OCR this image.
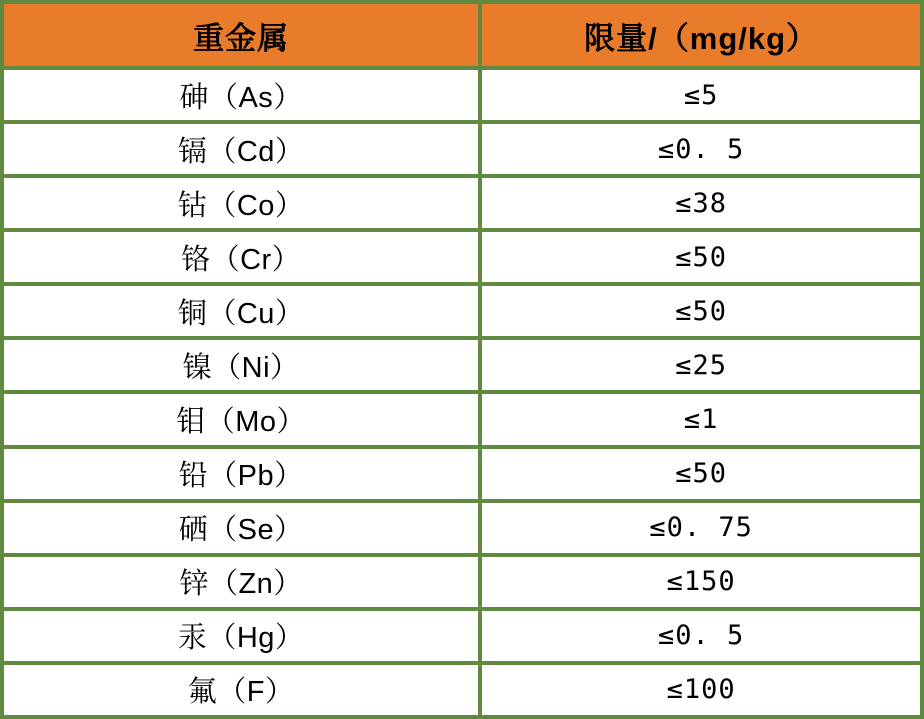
重金属	限量/（mg/kg）
砷（As）	≤5
镉（Cd）	≤0. 5
钴（Co）	≤38
铬（Cr）	≤50
铜（Cu）	≤50
镍（Ni）	≤25
钼（Mo）	≤1
铅（Pb）	≤50
硒（Se）	≤0. 75
锌（Zn）	≤150
汞（Hg）	≤0. 5
氟（F）	≤100
